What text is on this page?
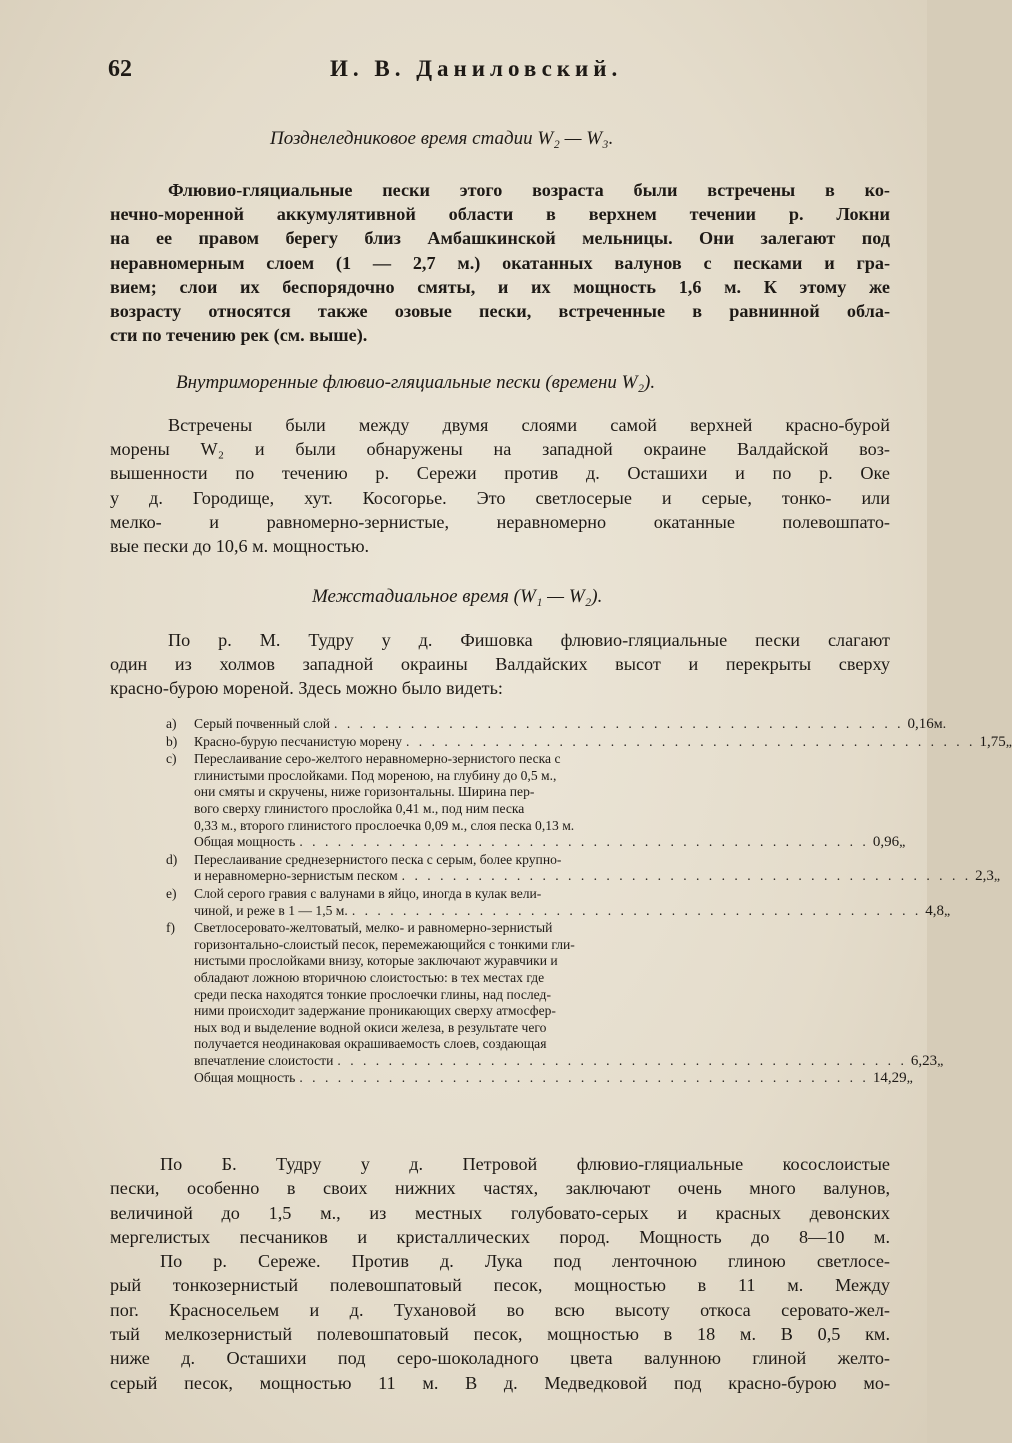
62	И. В. Даниловский.
Позднеледниковое время стадии W₂ — W₃.
Флювио-гляциальные пески этого возраста были встречены в ко-
нечно-моренной аккумулятивной области в верхнем течении р. Локни
на ее правом берегу близ Амбашкинской мельницы. Они залегают под
неравномерным слоем (1 — 2,7 м.) окатанных валунов с песками и гра-
вием; слои их беспорядочно смяты, и их мощность 1,6 м. К этому же
возрасту относятся также озовые пески, встреченные в равнинной обла-
сти по течению рек (см. выше).
Внутриморенные флювио-гляциальные пески (времени W₂).
Встречены были между двумя слоями самой верхней красно-бурой
морены W₂ и были обнаружены на западной окраине Валдайской воз-
вышенности по течению р. Сережи против д. Осташихи и по р. Оке
у д. Городище, хут. Косогорье. Это светлосерые и серые, тонко- или
мелко- и равномерно-зернистые, неравномерно окатанные полевошпато-
вые пески до 10,6 м. мощностью.
Межстадиальное время (W₁ — W₂).
По р. М. Тудру у д. Фишовка флювио-гляциальные пески слагают
один из холмов западной окраины Валдайских высот и перекрыты сверху
красно-бурою мореной. Здесь можно было видеть:
a) Серый почвенный слой . . . . . . . . . . . . . . . . . . . . . . . . . . . . . . . . . . . . . . . . . . . . . 0,16 м.
b) Красно-бурую песчанистую морену . . . . . . . . . . . . . . . . . . . . . . . . . . . . . . . . . . . . . . . . . . . . . 1,75 „
c)	Переслаивание серо-желтого неравномерно-зернистого песка с
глинистыми прослойками. Под мореною, на глубину до 0,5 м.,
они смяты и скручены, ниже горизонтальны. Ширина пер-
вого сверху глинистого прослойка 0,41 м., под ним песка
0,33 м., второго глинистого прослоечка 0,09 м., слоя песка 0,13 м.
Общая мощность . . . . . . . . . . . . . . . . . . . . . . . . . . . . . . . . . . . . . . . . . . . . . 0,96 „
d)	Переслаивание среднезернистого песка с серым, более крупно-
и неравномерно-зернистым песком . . . . . . . . . . . . . . . . . . . . . . . . . . . . . . . . . . . . . . . . . . . . . 2,3 „
e)	Слой серого гравия с валунами в яйцо, иногда в кулак вели-
чиной, и реже в 1 — 1,5 м. . . . . . . . . . . . . . . . . . . . . . . . . . . . . . . . . . . . . . . . . . . . . . 4,8 „
f)	Светлосеровато-желтоватый, мелко- и равномерно-зернистый
горизонтально-слоистый песок, перемежающийся с тонкими гли-
нистыми прослойками внизу, которые заключают журавчики и
обладают ложною вторичною слоистостью: в тех местах где
среди песка находятся тонкие прослоечки глины, над послед-
ними происходит задержание проникающих сверху атмосфер-
ных вод и выделение водной окиси железа, в результате чего
получается неодинаковая окрашиваемость слоев, создающая
впечатление слоистости . . . . . . . . . . . . . . . . . . . . . . . . . . . . . . . . . . . . . . . . . . . . . 6,23 „
Общая мощность . . . . . . . . . . . . . . . . . . . . . . . . . . . . . . . . . . . . . . . . . . . . . 14,29 „
По Б. Тудру у д. Петровой флювио-гляциальные косослоистые
пески, особенно в своих нижних частях, заключают очень много валунов,
величиной до 1,5 м., из местных голубовато-серых и красных девонских
мергелистых песчаников и кристаллических пород. Мощность до 8—10 м.
По р. Сереже. Против д. Лука под ленточною глиною светлосе-
рый тонкозернистый полевошпатовый песок, мощностью в 11 м. Между
пог. Красносельем и д. Тухановой во всю высоту откоса серовато-жел-
тый мелкозернистый полевошпатовый песок, мощностью в 18 м. В 0,5 км.
ниже д. Осташихи под серо-шоколадного цвета валунною глиной желто-
серый песок, мощностью 11 м. В д. Медведковой под красно-бурою мо-
